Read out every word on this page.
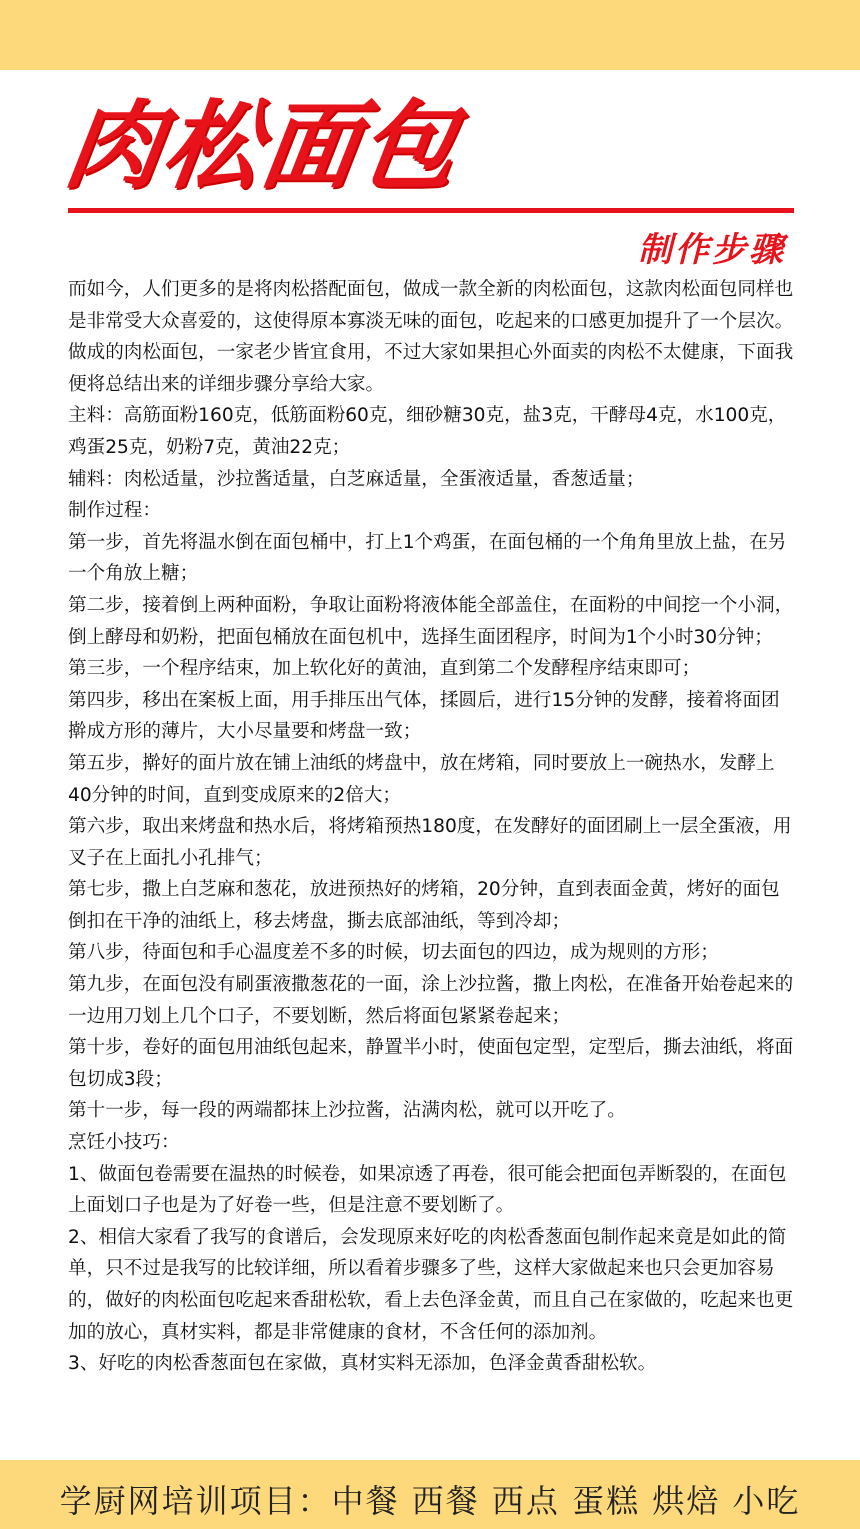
肉松面包
制作步骤

而如今，人们更多的是将肉松搭配面包，做成一款全新的肉松面包，这款肉松面包同样也是非常受大众喜爱的，这使得原本寡淡无味的面包，吃起来的口感更加提升了一个层次。做成的肉松面包，一家老少皆宜食用，不过大家如果担心外面卖的肉松不太健康，下面我便将总结出来的详细步骤分享给大家。

主料：高筋面粉160克，低筋面粉60克，细砂糖30克，盐3克，干酵母4克，水100克，鸡蛋25克，奶粉7克，黄油22克；

辅料：肉松适量，沙拉酱适量，白芝麻适量，全蛋液适量，香葱适量；

制作过程：

第一步，首先将温水倒在面包桶中，打上1个鸡蛋，在面包桶的一个角角里放上盐，在另一个角放上糖；

第二步，接着倒上两种面粉，争取让面粉将液体能全部盖住，在面粉的中间挖一个小洞，倒上酵母和奶粉，把面包桶放在面包机中，选择生面团程序，时间为1个小时30分钟；

第三步，一个程序结束，加上软化好的黄油，直到第二个发酵程序结束即可；

第四步，移出在案板上面，用手排压出气体，揉圆后，进行15分钟的发酵，接着将面团擀成方形的薄片，大小尽量要和烤盘一致；

第五步，擀好的面片放在铺上油纸的烤盘中，放在烤箱，同时要放上一碗热水，发酵上40分钟的时间，直到变成原来的2倍大；

第六步，取出来烤盘和热水后，将烤箱预热180度，在发酵好的面团刷上一层全蛋液，用叉子在上面扎小孔排气；

第七步，撒上白芝麻和葱花，放进预热好的烤箱，20分钟，直到表面金黄，烤好的面包倒扣在干净的油纸上，移去烤盘，撕去底部油纸，等到冷却；

第八步，待面包和手心温度差不多的时候，切去面包的四边，成为规则的方形；

第九步，在面包没有刷蛋液撒葱花的一面，涂上沙拉酱，撒上肉松，在准备开始卷起来的一边用刀划上几个口子，不要划断，然后将面包紧紧卷起来；

第十步，卷好的面包用油纸包起来，静置半小时，使面包定型，定型后，撕去油纸，将面包切成3段；

第十一步，每一段的两端都抹上沙拉酱，沾满肉松，就可以开吃了。

烹饪小技巧：

1、做面包卷需要在温热的时候卷，如果凉透了再卷，很可能会把面包弄断裂的，在面包上面划口子也是为了好卷一些，但是注意不要划断了。

2、相信大家看了我写的食谱后，会发现原来好吃的肉松香葱面包制作起来竟是如此的简单，只不过是我写的比较详细，所以看着步骤多了些，这样大家做起来也只会更加容易的，做好的肉松面包吃起来香甜松软，看上去色泽金黄，而且自己在家做的，吃起来也更加的放心，真材实料，都是非常健康的食材，不含任何的添加剂。

3、好吃的肉松香葱面包在家做，真材实料无添加，色泽金黄香甜松软。

学厨网培训项目：中餐 西餐 西点 蛋糕 烘焙 小吃
